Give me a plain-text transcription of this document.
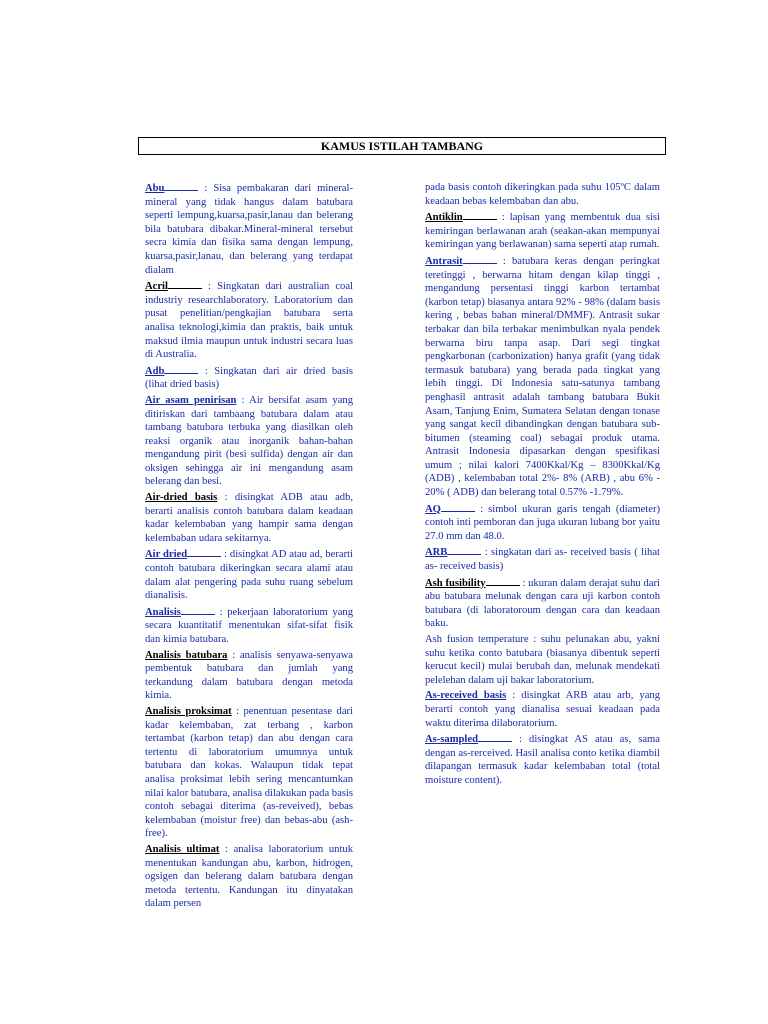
KAMUS ISTILAH TAMBANG
Abu	: Sisa pembakaran dari mineral-mineral yang tidak hangus dalam batubara seperti lempung,kuarsa,pasir,lanau dan belerang bila batubara dibakar.Mineral-mineral tersebut secra kimia dan fisika sama dengan lempung, kuarsa,pasir,lanau, dan belerang yang terdapat dialam
Acril	: Singkatan dari australian coal industriy researchlaboratory. Laboratorium dan pusat penelitian/pengkajian batubara serta analisa teknologi,kimia dan praktis, baik untuk maksud ilmia maupun untuk industri secara luas di Australia.
Adb	: Singkatan dari air dried basis (lihat dried basis)
Air asam penirisan : Air bersifat asam yang ditiriskan dari tambaang batubara dalam atau tambang batubara terbuka yang diasilkan oleh reaksi organik atau inorganik bahan-bahan mengandung pirit (besi sulfida) dengan air dan oksigen sehingga air ini mengandung asam belerang dan besi.
Air-dried basis : disingkat ADB atau adb, berarti analisis contoh batubara dalam keadaan kadar kelembaban yang hampir sama dengan kelembaban udara sekitarnya.
Air dried	: disingkat AD atau ad, berarti contoh batubara dikeringkan secara alami atau dalam alat pengering pada suhu ruang sebelum dianalisis.
Analisis	: pekerjaan laboratorium yang secara kuantitatif menentukan sifat-sifat fisik dan kimia batubara.
Analisis batubara : analisis senyawa-senyawa pembentuk batubara dan jumlah yang terkandung dalam batubara dengan metoda kimia.
Analisis proksimat : penentuan pesentase dari kadar kelembaban, zat terbang , karbon tertambat (karbon tetap) dan abu dengan cara tertentu di laboratorium umumnya untuk batubara dan kokas. Walaupun tidak tepat analisa proksimat lebih sering mencantumkan nilai kalor batubara, analisa dilakukan pada basis contoh sebagai diterima (as-reveived), bebas kelembaban (moistur free) dan bebas-abu (ash-free).
Analisis ultimat : analisa laboratorium untuk menentukan kandungan abu, karbon, hidrogen, ogsigen dan belerang dalam batubara dengan metoda tertentu. Kandungan itu dinyatakan dalam persen
pada basis contoh dikeringkan pada suhu 105ºC dalam keadaan bebas kelembaban dan abu.
Antiklin	: lapisan yang membentuk dua sisi kemiringan berlawanan arah (seakan-akan mempunyai kemiringan yang berlawanan) sama seperti atap rumah.
Antrasit	: batubara keras dengan peringkat teretinggi , berwarna hitam dengan kilap tinggi , mengandung persentasi tinggi karbon tertambat (karbon tetap) biasanya antara 92% - 98% (dalam basis kering , bebas bahan mineral/DMMF). Antrasit sukar terbakar dan bila terbakar menimbulkan nyala pendek berwarna biru tanpa asap. Dari segi tingkat pengkarbonan (carbonization) hanya grafit (yang tidak termasuk batubara) yang berada pada tingkat yang lebih tinggi. Di Indonesia satu-satunya tambang penghasil antrasit adalah tambang batubara Bukit Asam, Tanjung Enim, Sumatera Selatan dengan tonase yang sangat kecil dibandingkan dengan batubara sub-bitumen (steaming coal) sebagai produk utama. Antrasit Indonesia dipasarkan dengan spesifikasi umum ; nilai kalori 7400Kkal/Kg – 8300Kkal/Kg (ADB) , kelembaban total 2%- 8% (ARB) , abu 6% - 20% ( ADB) dan belerang total 0.57% -1.79%.
AQ	: simbol ukuran garis tengah (diameter) contoh inti pemboran dan juga ukuran lubang bor yaitu 27.0 mm dan 48.0.
ARB	: singkatan dari as- received basis ( lihat as- received basis)
Ash fusibility	: ukuran dalam derajat suhu dari abu batubara melunak dengan cara uji karbon contoh batubara (di laboratoroum dengan cara dan keadaan baku.
Ash fusion temperature : suhu pelunakan abu, yakni suhu ketika conto batubara (biasanya dibentuk seperti kerucut kecil) mulai berubah dan, melunak mendekati pelelehan dalam uji bakar laboratorium.
As-received basis : disingkat ARB atau arb, yang berarti contoh yang dianalisa sesuai keadaan pada waktu diterima dilaboratorium.
As-sampled	: disingkat AS atau as, sama dengan as-rerceived. Hasil analisa conto ketika diambil dilapangan termasuk kadar kelembaban total (total moisture content).
